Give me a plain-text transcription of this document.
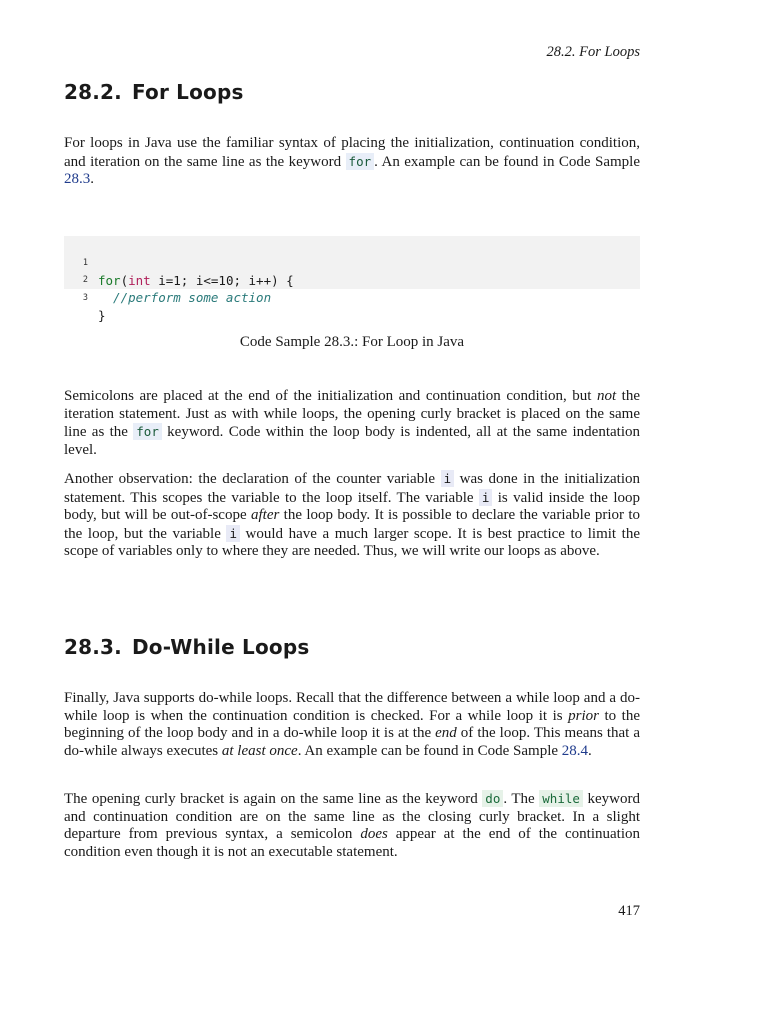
28.2. For Loops
28.2. For Loops

For loops in Java use the familiar syntax of placing the initialization, continuation condition, and iteration on the same line as the keyword for . An example can be found in Code Sample 28.3.

1

for(int i=1; i<=10; i++) {

2

//perform some action

3

}

Code Sample 28.3.: For Loop in Java

Semicolons are placed at the end of the initialization and continuation condition, but not the iteration statement. Just as with while loops, the opening curly bracket is placed on the same line as the for keyword. Code within the loop body is indented, all at the same indentation level.

Another observation: the declaration of the counter variable i was done in the initialization statement. This scopes the variable to the loop itself. The variable i is valid inside the loop body, but will be out-of-scope after the loop body. It is possible to declare the variable prior to the loop, but the variable i would have a much larger scope. It is best practice to limit the scope of variables only to where they are needed. Thus, we will write our loops as above.

28.3. Do-While Loops

Finally, Java supports do-while loops. Recall that the difference between a while loop and a do-while loop is when the continuation condition is checked. For a while loop it is prior to the beginning of the loop body and in a do-while loop it is at the end of the loop. This means that a do-while always executes at least once. An example can be found in Code Sample 28.4.

The opening curly bracket is again on the same line as the keyword do . The while keyword and continuation condition are on the same line as the closing curly bracket. In a slight departure from previous syntax, a semicolon does appear at the end of the continuation condition even though it is not an executable statement.

417
